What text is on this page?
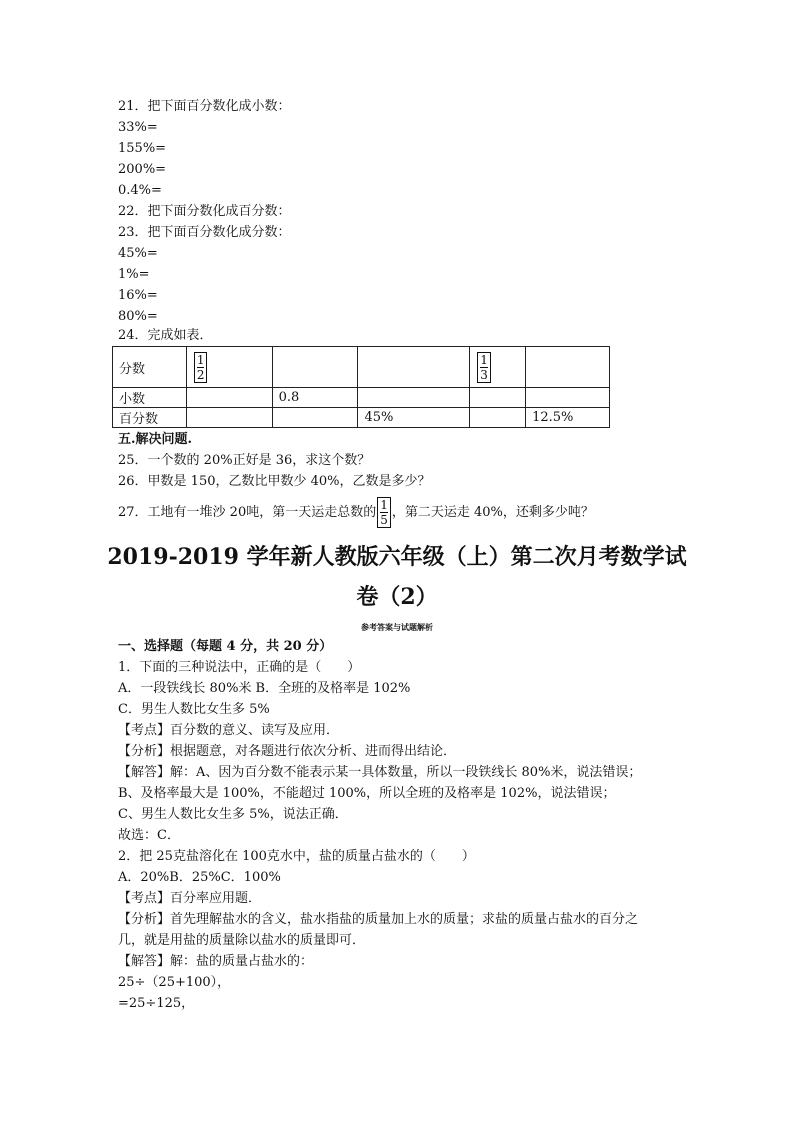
21．把下面百分数化成小数：
33%=
155%=
200%=
0.4%=
22．把下面分数化成百分数：
23．把下面百分数化成分数：
45%=
1%=
16%=
80%=
24．完成如表．
分数	$\frac{1}{2}$			$\frac{1}{3}$

小数		0.8			
百分数			45%		12.5%
五.解决问题.
25．一个数的 20%正好是 36，求这个数？
26．甲数是 150，乙数比甲数少 40%，乙数是多少？
27．工地有一堆沙 20吨，第一天运走总数的 $\frac{1}{5}$ ，第二天运走 40%，还剩多少吨？
2019-2019 学年新人教版六年级（上）第二次月考数学试
卷（2）
参考答案与试题解析
一、选择题（每题 4 分，共 20 分）
1．下面的三种说法中，正确的是（　　）
A．一段铁线长 80%米 B．全班的及格率是 102%
C．男生人数比女生多 5%
【考点】百分数的意义、读写及应用．
【分析】根据题意，对各题进行依次分析、进而得出结论．
【解答】解：A、因为百分数不能表示某一具体数量，所以一段铁线长 80%米，说法错误；
B、及格率最大是 100%，不能超过 100%，所以全班的及格率是 102%，说法错误；
C、男生人数比女生多 5%，说法正确．
故选：C．
2．把 25克盐溶化在 100克水中，盐的质量占盐水的（　　）
A．20%B．25%C．100%
【考点】百分率应用题．
【分析】首先理解盐水的含义，盐水指盐的质量加上水的质量；求盐的质量占盐水的百分之
几，就是用盐的质量除以盐水的质量即可．
【解答】解：盐的质量占盐水的：
25÷（25+100），
=25÷125，
